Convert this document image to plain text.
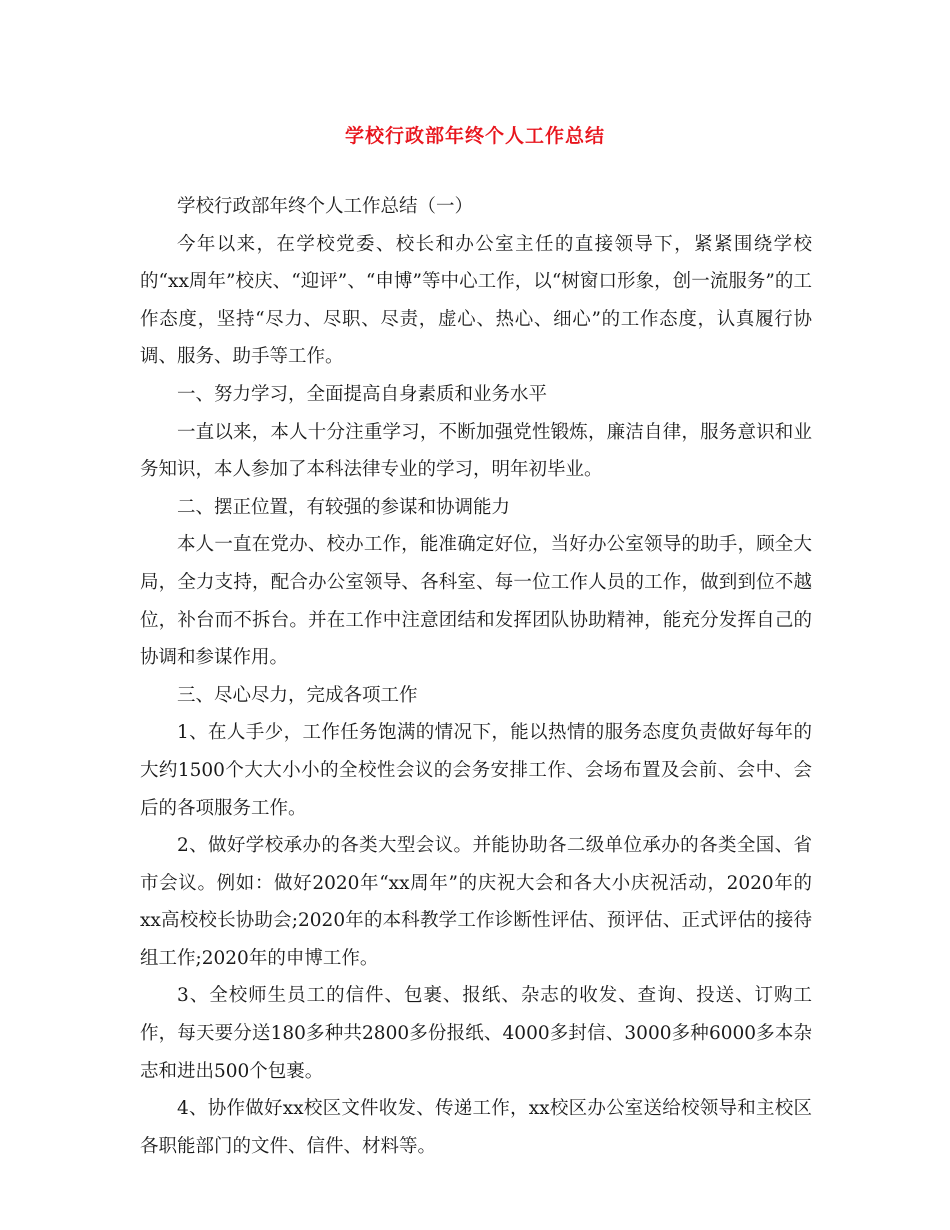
学校行政部年终个人工作总结

学校行政部年终个人工作总结（一）

今年以来，在学校党委、校长和办公室主任的直接领导下，紧紧围绕学校的“xx周年”校庆、“迎评”、“申博”等中心工作，以“树窗口形象，创一流服务”的工作态度，坚持“尽力、尽职、尽责，虚心、热心、细心”的工作态度，认真履行协调、服务、助手等工作。

一、努力学习，全面提高自身素质和业务水平

一直以来，本人十分注重学习，不断加强党性锻炼，廉洁自律，服务意识和业务知识，本人参加了本科法律专业的学习，明年初毕业。

二、摆正位置，有较强的参谋和协调能力

本人一直在党办、校办工作，能准确定好位，当好办公室领导的助手，顾全大局，全力支持，配合办公室领导、各科室、每一位工作人员的工作，做到到位不越位，补台而不拆台。并在工作中注意团结和发挥团队协助精神，能充分发挥自己的协调和参谋作用。

三、尽心尽力，完成各项工作

1、在人手少，工作任务饱满的情况下，能以热情的服务态度负责做好每年的大约1500个大大小小的全校性会议的会务安排工作、会场布置及会前、会中、会后的各项服务工作。

2、做好学校承办的各类大型会议。并能协助各二级单位承办的各类全国、省市会议。例如：做好2020年“xx周年”的庆祝大会和各大小庆祝活动，2020年的xx高校校长协助会;2020年的本科教学工作诊断性评估、预评估、正式评估的接待组工作;2020年的申博工作。

3、全校师生员工的信件、包裹、报纸、杂志的收发、查询、投送、订购工作，每天要分送180多种共2800多份报纸、4000多封信、3000多种6000多本杂志和进出500个包裹。

4、协作做好xx校区文件收发、传递工作，xx校区办公室送给校领导和主校区各职能部门的文件、信件、材料等。
